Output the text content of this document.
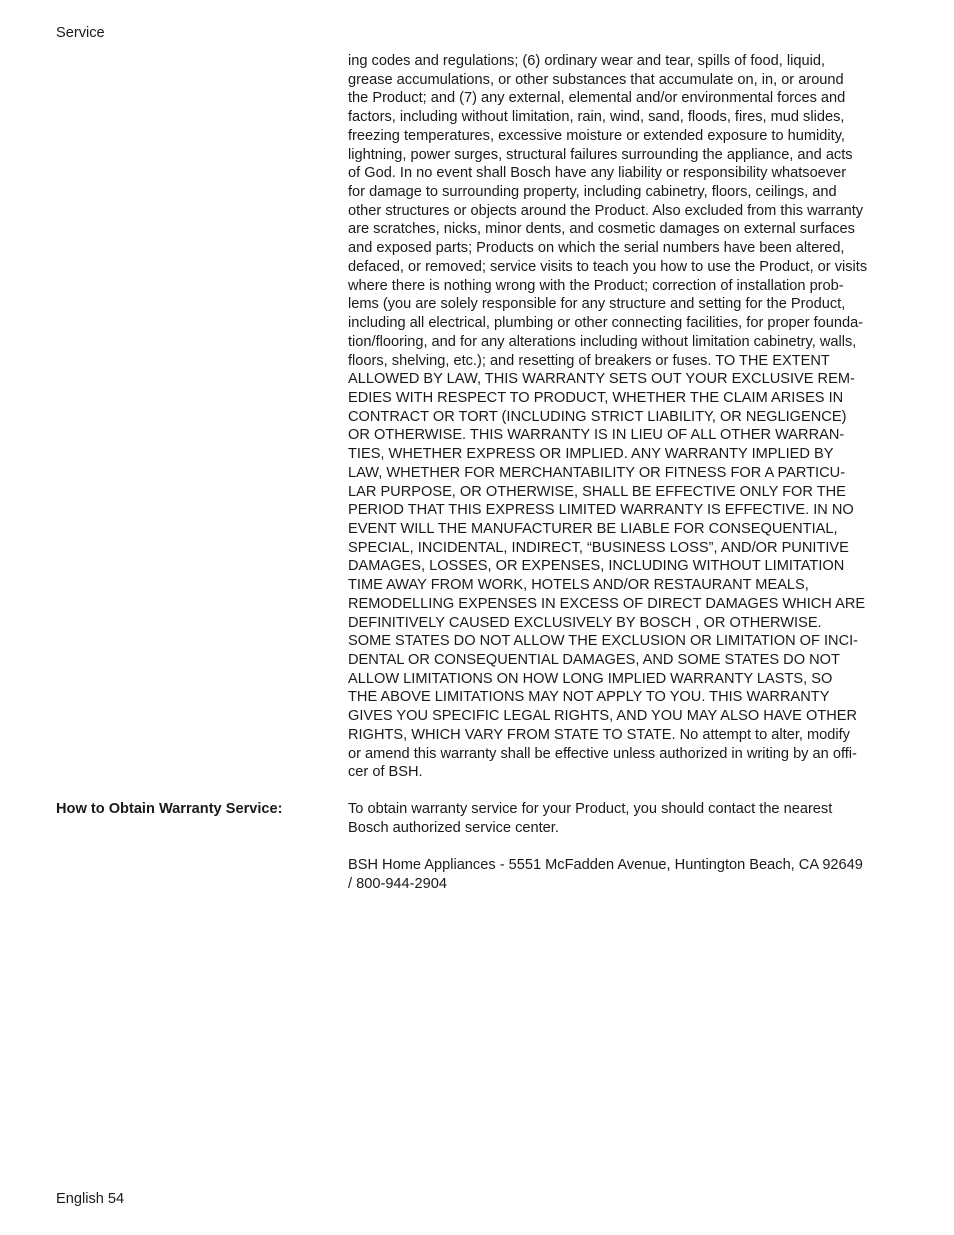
Service
ing codes and regulations; (6) ordinary wear and tear, spills of food, liquid,
grease accumulations, or other substances that accumulate on, in, or around
the Product; and (7) any external, elemental and/or environmental forces and
factors, including without limitation, rain, wind, sand, floods, fires, mud slides,
freezing temperatures, excessive moisture or extended exposure to humidity,
lightning, power surges, structural failures surrounding the appliance, and acts
of God. In no event shall Bosch have any liability or responsibility whatsoever
for damage to surrounding property, including cabinetry, floors, ceilings, and
other structures or objects around the Product. Also excluded from this warranty
are scratches, nicks, minor dents, and cosmetic damages on external surfaces
and exposed parts; Products on which the serial numbers have been altered,
defaced, or removed; service visits to teach you how to use the Product, or visits
where there is nothing wrong with the Product; correction of installation prob-
lems (you are solely responsible for any structure and setting for the Product,
including all electrical, plumbing or other connecting facilities, for proper founda-
tion/flooring, and for any alterations including without limitation cabinetry, walls,
floors, shelving, etc.); and resetting of breakers or fuses. TO THE EXTENT
ALLOWED BY LAW, THIS WARRANTY SETS OUT YOUR EXCLUSIVE REM-
EDIES WITH RESPECT TO PRODUCT, WHETHER THE CLAIM ARISES IN
CONTRACT OR TORT (INCLUDING STRICT LIABILITY, OR NEGLIGENCE)
OR OTHERWISE. THIS WARRANTY IS IN LIEU OF ALL OTHER WARRAN-
TIES, WHETHER EXPRESS OR IMPLIED. ANY WARRANTY IMPLIED BY
LAW, WHETHER FOR MERCHANTABILITY OR FITNESS FOR A PARTICU-
LAR PURPOSE, OR OTHERWISE, SHALL BE EFFECTIVE ONLY FOR THE
PERIOD THAT THIS EXPRESS LIMITED WARRANTY IS EFFECTIVE. IN NO
EVENT WILL THE MANUFACTURER BE LIABLE FOR CONSEQUENTIAL,
SPECIAL, INCIDENTAL, INDIRECT, “BUSINESS LOSS”, AND/OR PUNITIVE
DAMAGES, LOSSES, OR EXPENSES, INCLUDING WITHOUT LIMITATION
TIME AWAY FROM WORK, HOTELS AND/OR RESTAURANT MEALS,
REMODELLING EXPENSES IN EXCESS OF DIRECT DAMAGES WHICH ARE
DEFINITIVELY CAUSED EXCLUSIVELY BY BOSCH , OR OTHERWISE.
SOME STATES DO NOT ALLOW THE EXCLUSION OR LIMITATION OF INCI-
DENTAL OR CONSEQUENTIAL DAMAGES, AND SOME STATES DO NOT
ALLOW LIMITATIONS ON HOW LONG IMPLIED WARRANTY LASTS, SO
THE ABOVE LIMITATIONS MAY NOT APPLY TO YOU. THIS WARRANTY
GIVES YOU SPECIFIC LEGAL RIGHTS, AND YOU MAY ALSO HAVE OTHER
RIGHTS, WHICH VARY FROM STATE TO STATE. No attempt to alter, modify
or amend this warranty shall be effective unless authorized in writing by an offi-
cer of BSH.
How to Obtain Warranty Service:	To obtain warranty service for your Product, you should contact the nearest
Bosch authorized service center.
BSH Home Appliances - 5551 McFadden Avenue, Huntington Beach, CA 92649
/ 800-944-2904
English 54
